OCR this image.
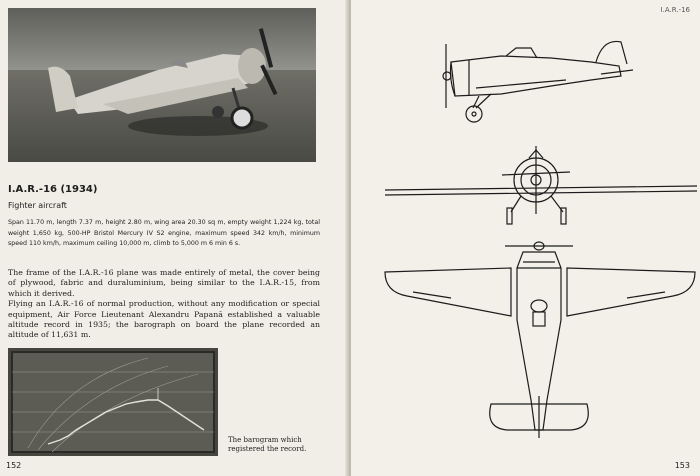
I.A.R.-16 (1934)
Fighter aircraft

Span 11.70 m, length 7.37 m, height 2.80 m, wing area 20.30 sq m, empty weight 1,224 kg, total weight 1,650 kg, 500-HP Bristol Mercury IV S2 engine, maximum speed 342 km/h, minimum speed 110 km/h, maximum ceiling 10,000 m, climb to 5,000 m 6 min 6 s.

The frame of the I.A.R.-16 plane was made entirely of metal, the cover being of plywood, fabric and duraluminium, being similar to the I.A.R.-15, from which it derived.

Flying an I.A.R.-16 of normal production, without any modification or special equipment, Air Force Lieutenant Alexandru Papană established a valuable altitude record in 1935; the barograph on board the plane recorded an altitude of 11,631 m.

The barogram which registered the record.

152
I.A.R.-16
153
